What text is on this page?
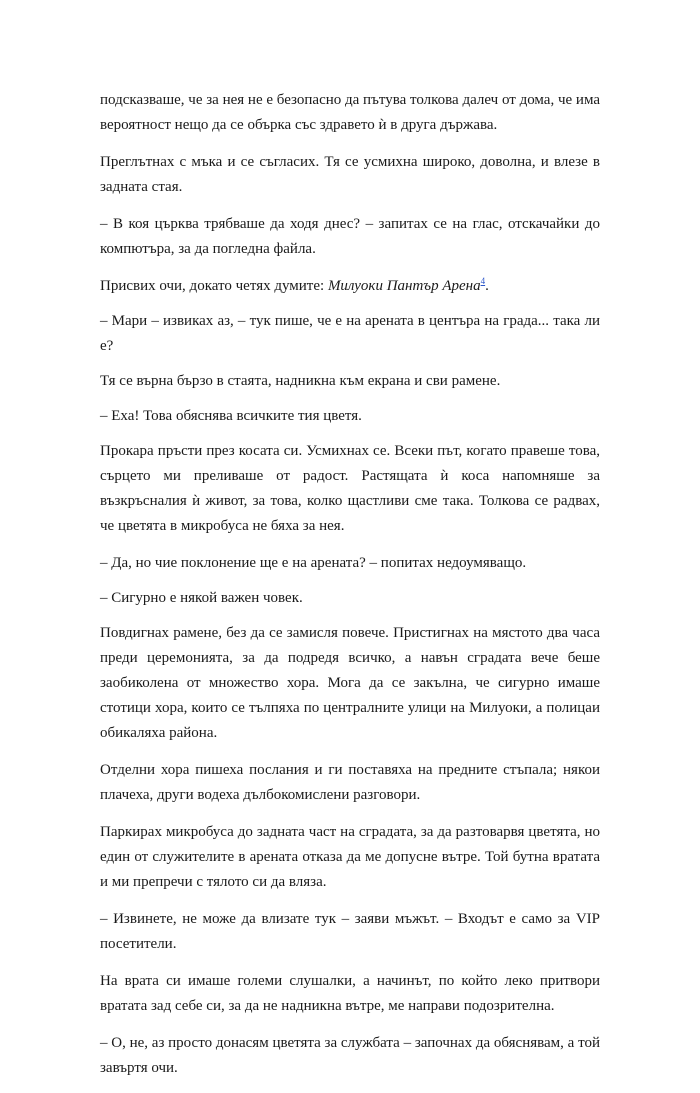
подсказваше, че за нея не е безопасно да пътува толкова далеч от дома, че има вероятност нещо да се обърка със здравето ѝ в друга държава.

Преглътнах с мъка и се съгласих. Тя се усмихна широко, доволна, и влезе в задната стая.

– В коя църква трябваше да ходя днес? – запитах се на глас, отскачайки до компютъра, за да погледна файла.

Присвих очи, докато четях думите: Милуоки Пантър Арена$^4$.

– Мари – извиках аз, – тук пише, че е на арената в центъра на града... така ли е?

Тя се върна бързо в стаята, надникна към екрана и сви рамене.

– Еха! Това обяснява всичките тия цветя.

Прокара пръсти през косата си. Усмихнах се. Всеки път, когато правеше това, сърцето ми преливаше от радост. Растящата ѝ коса напомняше за възкръсналия ѝ живот, за това, колко щастливи сме така. Толкова се радвах, че цветята в микробуса не бяха за нея.

– Да, но чие поклонение ще е на арената? – попитах недоумяващо.

– Сигурно е някой важен човек.

Повдигнах рамене, без да се замисля повече. Пристигнах на мястото два часа преди церемонията, за да подредя всичко, а навън сградата вече беше заобиколена от множество хора. Мога да се закълна, че сигурно имаше стотици хора, които се тълпяха по централните улици на Милуоки, а полицаи обикаляха района.

Отделни хора пишеха послания и ги поставяха на предните стъпала; някои плачеха, други водеха дълбокомислени разговори.

Паркирах микробуса до задната част на сградата, за да разтоварвя цветята, но един от служителите в арената отказа да ме допусне вътре. Той бутна вратата и ми препречи с тялото си да вляза.

– Извинете, не може да влизате тук – заяви мъжът. – Входът е само за VIP посетители.

На врата си имаше големи слушалки, а начинът, по който леко притвори вратата зад себе си, за да не надникна вътре, ме направи подозрителна.

– О, не, аз просто донасям цветята за службата – започнах да обяснявам, а той завъртя очи.
